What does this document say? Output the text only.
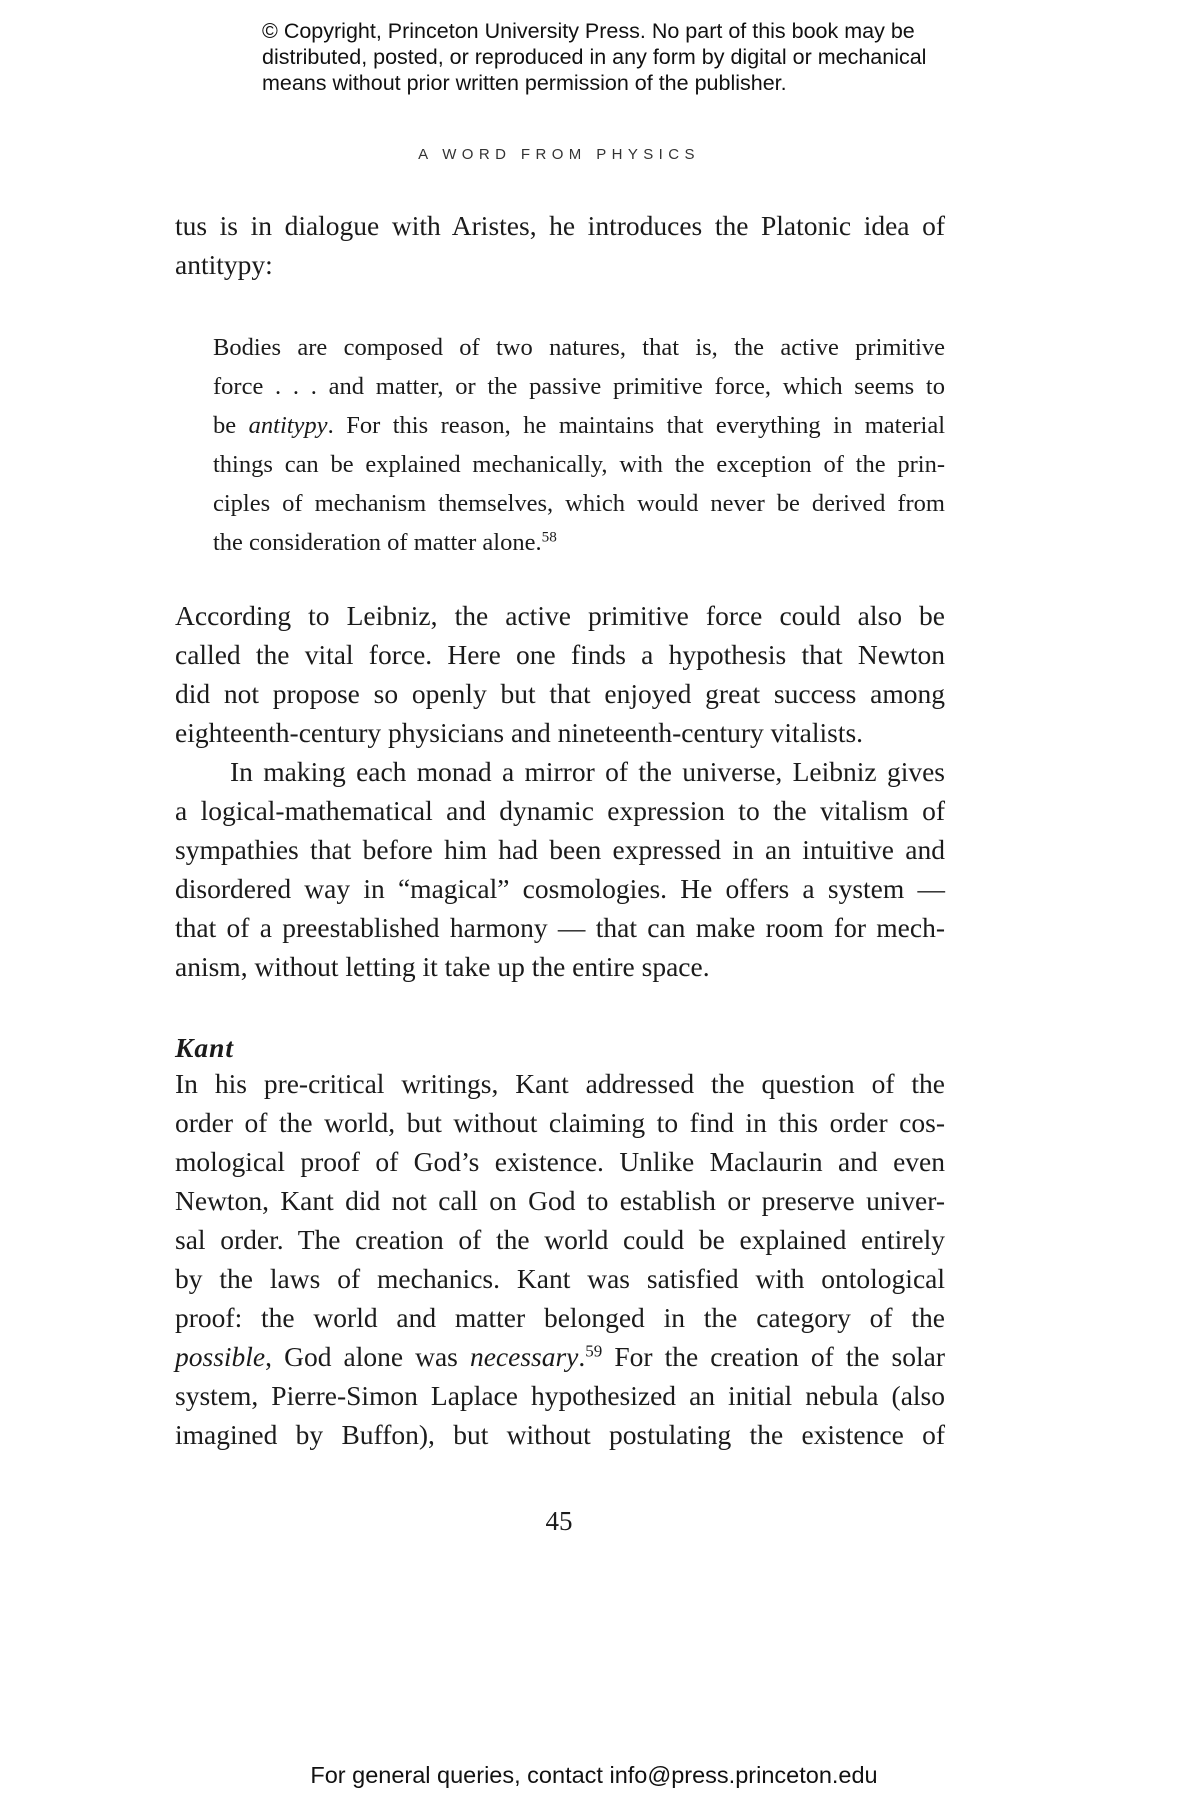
© Copyright, Princeton University Press. No part of this book may be
distributed, posted, or reproduced in any form by digital or mechanical
means without prior written permission of the publisher.
A WORD FROM PHYSICS
tus is in dialogue with Aristes, he introduces the Platonic idea of
antitypy:
Bodies are composed of two natures, that is, the active primitive
force . . . and matter, or the passive primitive force, which seems to
be antitypy. For this reason, he maintains that everything in material
things can be explained mechanically, with the exception of the prin-
ciples of mechanism themselves, which would never be derived from
the consideration of matter alone.$^{58}$
According to Leibniz, the active primitive force could also be
called the vital force. Here one finds a hypothesis that Newton
did not propose so openly but that enjoyed great success among
eighteenth-century physicians and nineteenth-century vitalists.
In making each monad a mirror of the universe, Leibniz gives
a logical-mathematical and dynamic expression to the vitalism of
sympathies that before him had been expressed in an intuitive and
disordered way in “magical” cosmologies. He offers a system —
that of a preestablished harmony — that can make room for mech-
anism, without letting it take up the entire space.
Kant
In his pre-critical writings, Kant addressed the question of the
order of the world, but without claiming to find in this order cos-
mological proof of God’s existence. Unlike Maclaurin and even
Newton, Kant did not call on God to establish or preserve univer-
sal order. The creation of the world could be explained entirely
by the laws of mechanics. Kant was satisfied with ontological
proof: the world and matter belonged in the category of the
possible, God alone was necessary.$^{59}$ For the creation of the solar
system, Pierre-Simon Laplace hypothesized an initial nebula (also
imagined by Buffon), but without postulating the existence of
45
For general queries, contact info@press.princeton.edu
